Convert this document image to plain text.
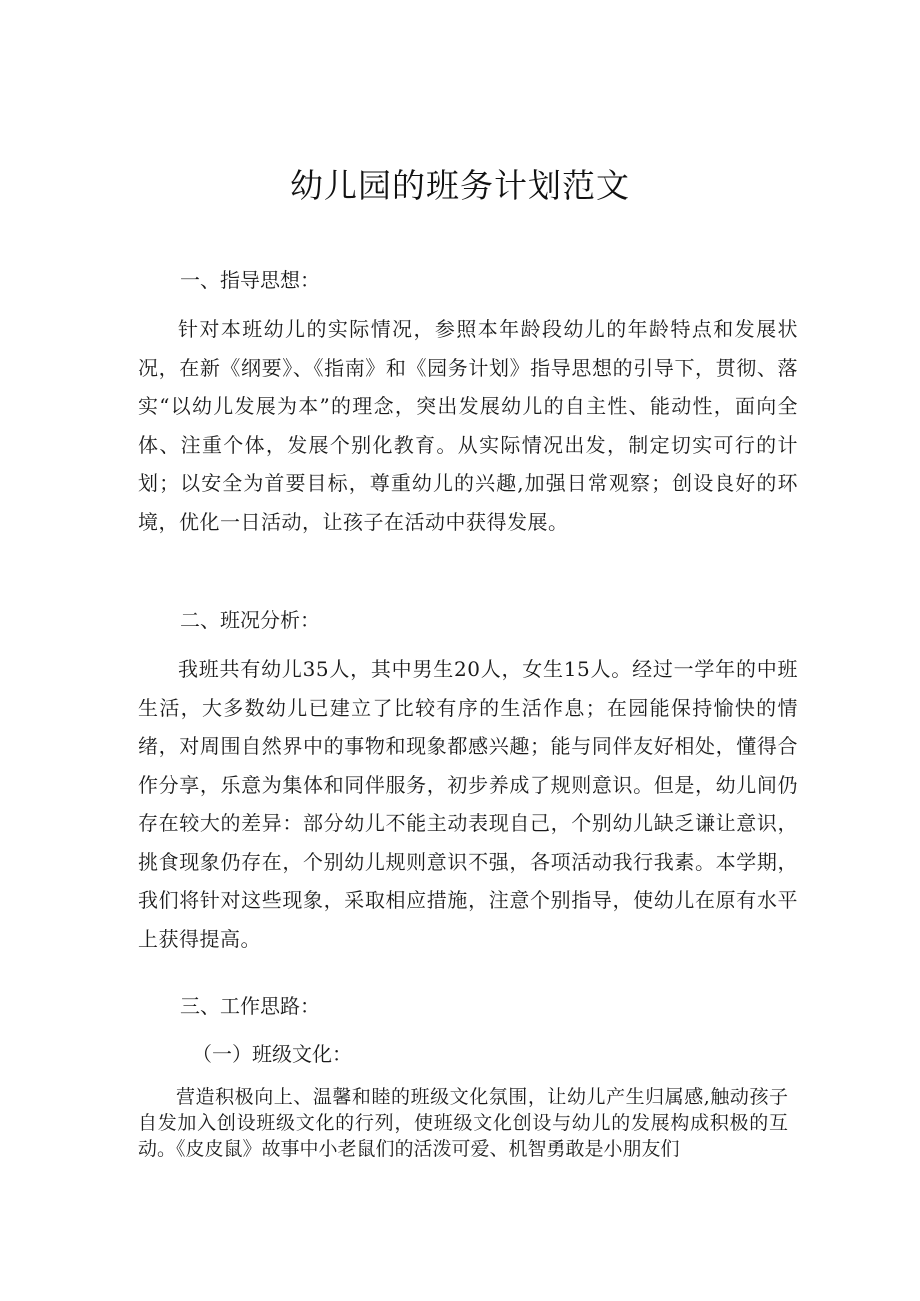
幼儿园的班务计划范文
一、指导思想：

针对本班幼儿的实际情况，参照本年龄段幼儿的年龄特点和发展状况，在新《纲要》、《指南》和《园务计划》指导思想的引导下，贯彻、落实“以幼儿发展为本”的理念，突出发展幼儿的自主性、能动性，面向全体、注重个体，发展个别化教育。从实际情况出发，制定切实可行的计划；以安全为首要目标，尊重幼儿的兴趣,加强日常观察；创设良好的环境，优化一日活动，让孩子在活动中获得发展。

二、班况分析：

我班共有幼儿35人，其中男生20人，女生15人。经过一学年的中班生活，大多数幼儿已建立了比较有序的生活作息；在园能保持愉快的情绪，对周围自然界中的事物和现象都感兴趣；能与同伴友好相处，懂得合作分享，乐意为集体和同伴服务，初步养成了规则意识。但是，幼儿间仍存在较大的差异：部分幼儿不能主动表现自己，个别幼儿缺乏谦让意识，挑食现象仍存在，个别幼儿规则意识不强，各项活动我行我素。本学期，我们将针对这些现象，采取相应措施，注意个别指导，使幼儿在原有水平上获得提高。

三、工作思路：
（一）班级文化：

营造积极向上、温馨和睦的班级文化氛围，让幼儿产生归属感,触动孩子自发加入创设班级文化的行列，使班级文化创设与幼儿的发展构成积极的互动。《皮皮鼠》故事中小老鼠们的活泼可爱、机智勇敢是小朋友们
